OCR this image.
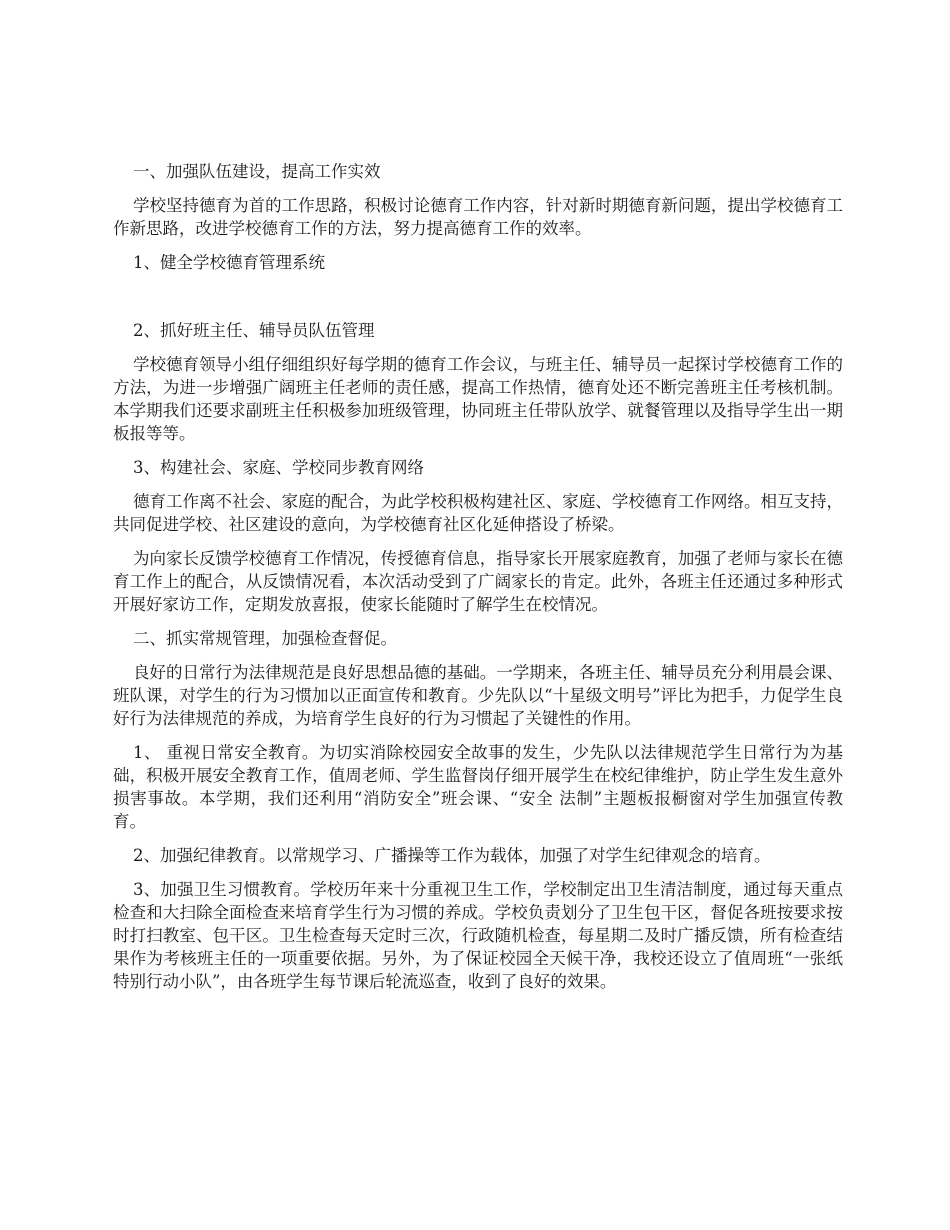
一、加强队伍建设，提高工作实效

学校坚持德育为首的工作思路，积极讨论德育工作内容，针对新时期德育新问题，提出学校德育工作新思路，改进学校德育工作的方法，努力提高德育工作的效率。

1、健全学校德育管理系统

2、抓好班主任、辅导员队伍管理

学校德育领导小组仔细组织好每学期的德育工作会议，与班主任、辅导员一起探讨学校德育工作的方法，为进一步增强广阔班主任老师的责任感，提高工作热情，德育处还不断完善班主任考核机制。本学期我们还要求副班主任积极参加班级管理，协同班主任带队放学、就餐管理以及指导学生出一期板报等等。

3、构建社会、家庭、学校同步教育网络

德育工作离不社会、家庭的配合，为此学校积极构建社区、家庭、学校德育工作网络。相互支持，共同促进学校、社区建设的意向，为学校德育社区化延伸搭设了桥梁。

为向家长反馈学校德育工作情况，传授德育信息，指导家长开展家庭教育，加强了老师与家长在德育工作上的配合，从反馈情况看，本次活动受到了广阔家长的肯定。此外，各班主任还通过多种形式开展好家访工作，定期发放喜报，使家长能随时了解学生在校情况。

二、抓实常规管理，加强检查督促。

良好的日常行为法律规范是良好思想品德的基础。一学期来，各班主任、辅导员充分利用晨会课、班队课，对学生的行为习惯加以正面宣传和教育。少先队以“十星级文明号”评比为把手，力促学生良好行为法律规范的养成，为培育学生良好的行为习惯起了关键性的作用。

1、 重视日常安全教育。为切实消除校园安全故事的发生，少先队以法律规范学生日常行为为基础，积极开展安全教育工作，值周老师、学生监督岗仔细开展学生在校纪律维护，防止学生发生意外损害事故。本学期，我们还利用“消防安全”班会课、“安全 法制”主题板报橱窗对学生加强宣传教育。

2、加强纪律教育。以常规学习、广播操等工作为载体，加强了对学生纪律观念的培育。

3、加强卫生习惯教育。学校历年来十分重视卫生工作，学校制定出卫生清洁制度，通过每天重点检查和大扫除全面检查来培育学生行为习惯的养成。学校负责划分了卫生包干区，督促各班按要求按时打扫教室、包干区。卫生检查每天定时三次，行政随机检查，每星期二及时广播反馈，所有检查结果作为考核班主任的一项重要依据。另外，为了保证校园全天候干净，我校还设立了值周班“一张纸特别行动小队”，由各班学生每节课后轮流巡查，收到了良好的效果。
